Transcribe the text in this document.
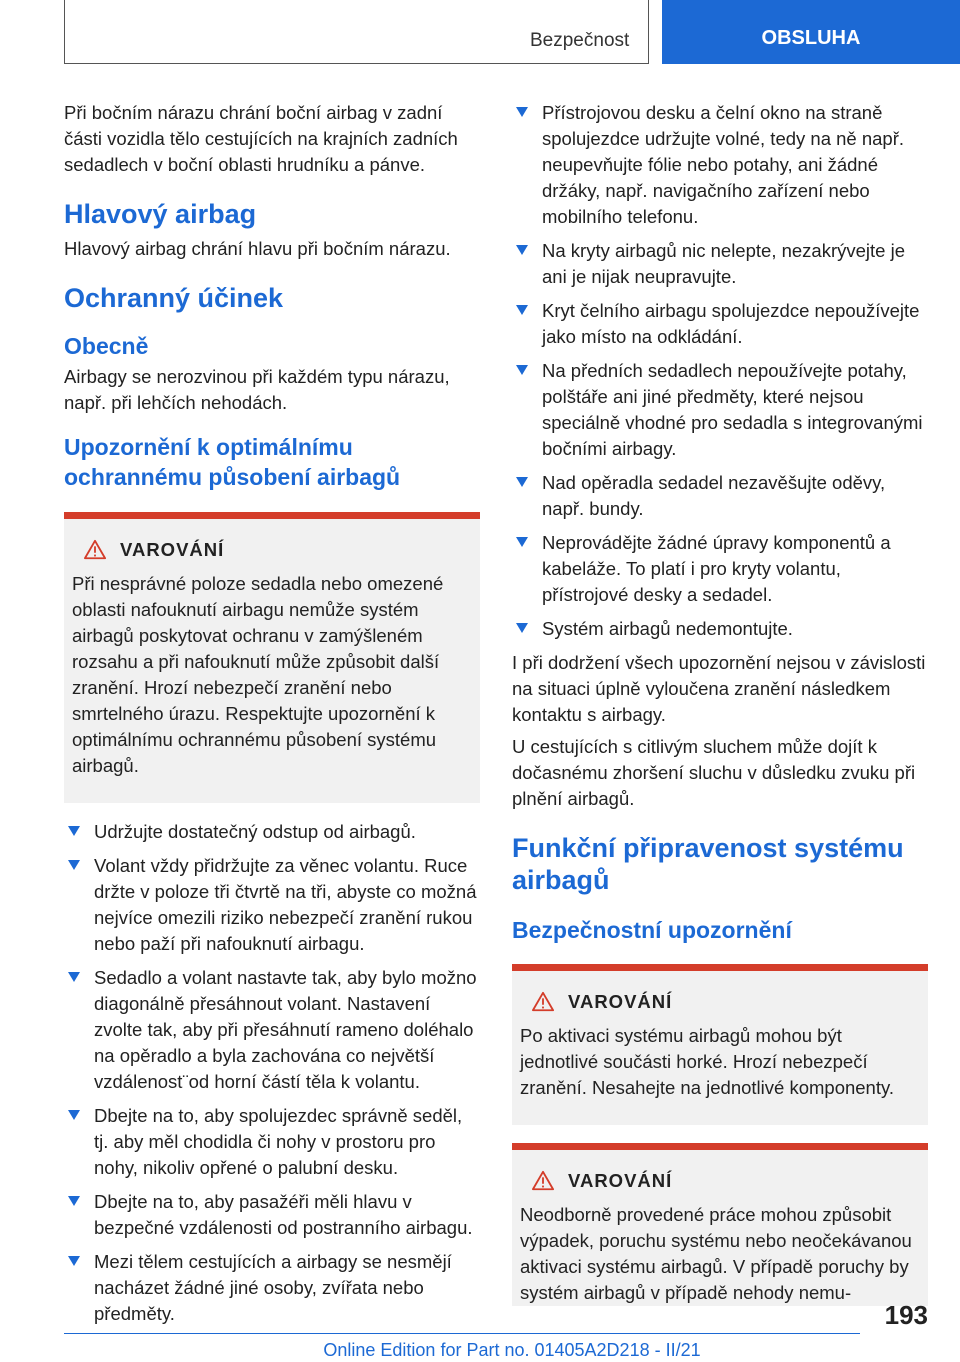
Bezpečnost	OBSLUHA

Při bočním nárazu chrání boční airbag v zadní části vozidla tělo cestujících na krajních zadních sedadlech v boční oblasti hrudníku a pánve.

Hlavový airbag

Hlavový airbag chrání hlavu při bočním nárazu.

Ochranný účinek
Obecně

Airbagy se nerozvinou při každém typu nárazu, např. při lehčích nehodách.

Upozornění k optimálnímu ochrannému působení airbagů
VAROVÁNÍ

Při nesprávné poloze sedadla nebo omezené oblasti nafouknutí airbagu nemůže systém airbagů poskytovat ochranu v zamýšleném rozsahu a při nafouknutí může způsobit další zranění. Hrozí nebezpečí zranění nebo smrtelného úrazu. Respektujte upozornění k optimálnímu ochrannému působení systému airbagů.

Udržujte dostatečný odstup od airbagů.
Volant vždy přidržujte za věnec volantu. Ruce držte v poloze tři čtvrtě na tři, abyste co možná nejvíce omezili riziko nebezpečí zranění rukou nebo paží při nafouknutí airbagu.
Sedadlo a volant nastavte tak, aby bylo možno diagonálně přesáhnout volant. Nastavení zvolte tak, aby při přesáhnutí rameno doléhalo na opěradlo a byla zachována co největší vzdálenost¨od horní částí těla k volantu.
Dbejte na to, aby spolujezdec správně seděl, tj. aby měl chodidla či nohy v prostoru pro nohy, nikoliv opřené o palubní desku.
Dbejte na to, aby pasažéři měli hlavu v bezpečné vzdálenosti od postranního airbagu.
Mezi tělem cestujících a airbagy se nesmějí nacházet žádné jiné osoby, zvířata nebo předměty.
Přístrojovou desku a čelní okno na straně spolujezdce udržujte volné, tedy na ně např. neupevňujte fólie nebo potahy, ani žádné držáky, např. navigačního zařízení nebo mobilního telefonu.
Na kryty airbagů nic nelepte, nezakrývejte je ani je nijak neupravujte.
Kryt čelního airbagu spolujezdce nepoužívejte jako místo na odkládání.
Na předních sedadlech nepoužívejte potahy, polštáře ani jiné předměty, které nejsou speciálně vhodné pro sedadla s integrovanými bočními airbagy.
Nad opěradla sedadel nezavěšujte oděvy, např. bundy.
Neprovádějte žádné úpravy komponentů a kabeláže. To platí i pro kryty volantu, přístrojové desky a sedadel.
Systém airbagů nedemontujte.

I při dodržení všech upozornění nejsou v závislosti na situaci úplně vyloučena zranění následkem kontaktu s airbagy.

U cestujících s citlivým sluchem může dojít k dočasnému zhoršení sluchu v důsledku zvuku při plnění airbagů.

Funkční připravenost systému airbagů
Bezpečnostní upozornění
VAROVÁNÍ

Po aktivaci systému airbagů mohou být jednotlivé součásti horké. Hrozí nebezpečí zranění. Nesahejte na jednotlivé komponenty.

VAROVÁNÍ

Neodborně provedené práce mohou způsobit výpadek, poruchu systému nebo neočekávanou aktivaci systému airbagů. V případě poruchy by systém airbagů v případě nehody nemu-

193
Online Edition for Part no. 01405A2D218 - II/21
